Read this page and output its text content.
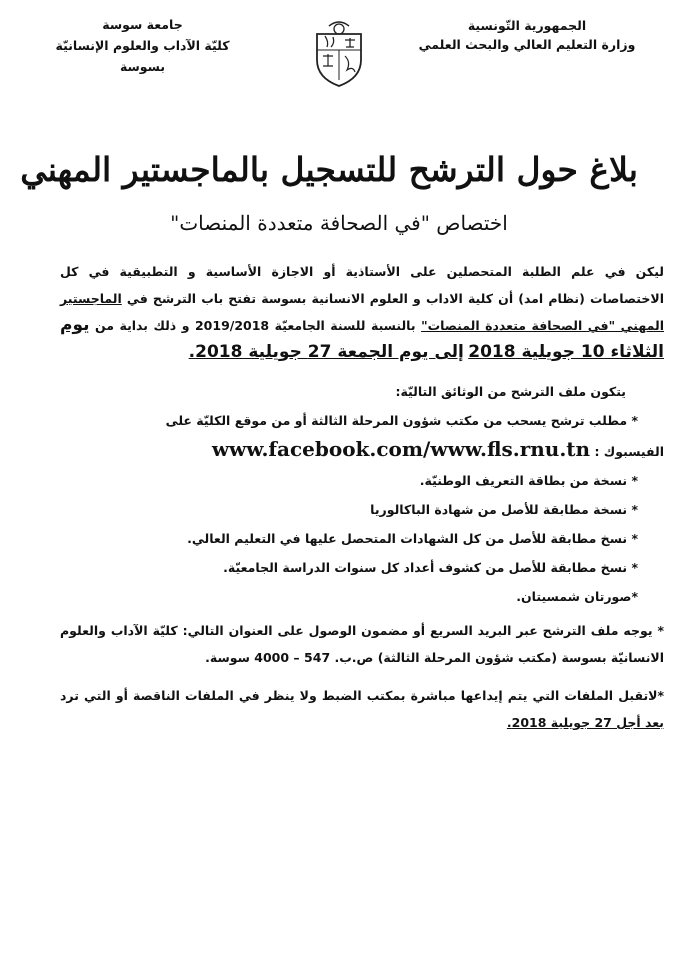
الجمهورية التّونسية
وزارة التعليم العالي والبحث العلمي
جامعة سوسة
كليّة الآداب والعلوم الإنسانيّة
بسوسة
بلاغ حول الترشح للتسجيل بالماجستير المهني
اختصاص "في الصحافة متعددة المنصات"

ليكن في علم الطلبة المتحصلين على الأستاذية أو الاجازة الأساسية و التطبيقية في كل الاختصاصات (نظام امد) أن كلية الاداب و العلوم الانسانية بسوسة تفتح باب الترشح في الماجستير المهني "في الصحافة متعددة المنصات" بالنسبة للسنة الجامعيّة 2019/2018 و ذلك بداية من يوم الثلاثاء 10 جويلية 2018 إلى يوم الجمعة 27 جويلية 2018.

يتكون ملف الترشح من الوثائق التاليّة:

* مطلب ترشح يسحب من مكتب شؤون المرحلة الثالثة أو من موقع الكليّة على

الفيسبوك : www.facebook.com/www.fls.rnu.tn

* نسخة من بطاقة التعريف الوطنيّة.

* نسخة مطابقة للأصل من شهادة الباكالوريا

* نسخ مطابقة للأصل من كل الشهادات المتحصل عليها في التعليم العالي.

* نسخ مطابقة للأصل من كشوف أعداد كل سنوات الدراسة الجامعيّة.

*صورتان شمسيتان.

* يوجه ملف الترشح عبر البريد السريع أو مضمون الوصول على العنوان التالي: كليّة الآداب والعلوم الانسانيّة بسوسة (مكتب شؤون المرحلة الثالثة) ص.ب. 547 – 4000 سوسة.

*لاتقبل الملفات التي يتم إيداعها مباشرة بمكتب الضبط ولا ينظر في الملفات الناقصة أو التي ترد بعد أجل 27 جويلية 2018.
